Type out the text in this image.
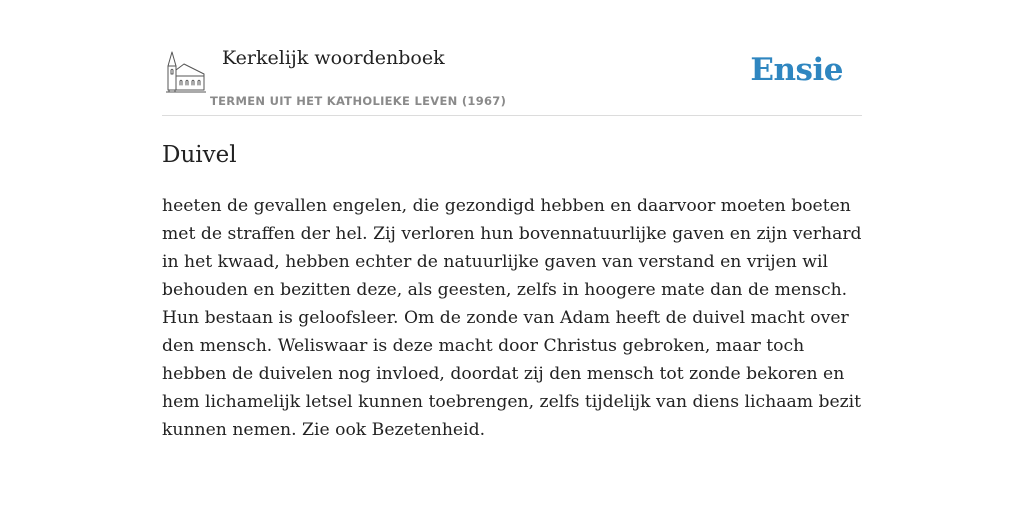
Kerkelijk woordenboek
TERMEN UIT HET KATHOLIEKE LEVEN (1967)
Ensie
Duivel

heeten de gevallen engelen, die gezondigd hebben en daarvoor moeten boeten met de straffen der hel. Zij verloren hun bovennatuurlijke gaven en zijn verhard in het kwaad, hebben echter de natuurlijke gaven van verstand en vrijen wil behouden en bezitten deze, als geesten, zelfs in hoogere mate dan de mensch. Hun bestaan is geloofsleer. Om de zonde van Adam heeft de duivel macht over den mensch. Weliswaar is deze macht door Christus gebroken, maar toch hebben de duivelen nog invloed, doordat zij den mensch tot zonde bekoren en hem lichamelijk letsel kunnen toebrengen, zelfs tijdelijk van diens lichaam bezit kunnen nemen. Zie ook Bezetenheid.
